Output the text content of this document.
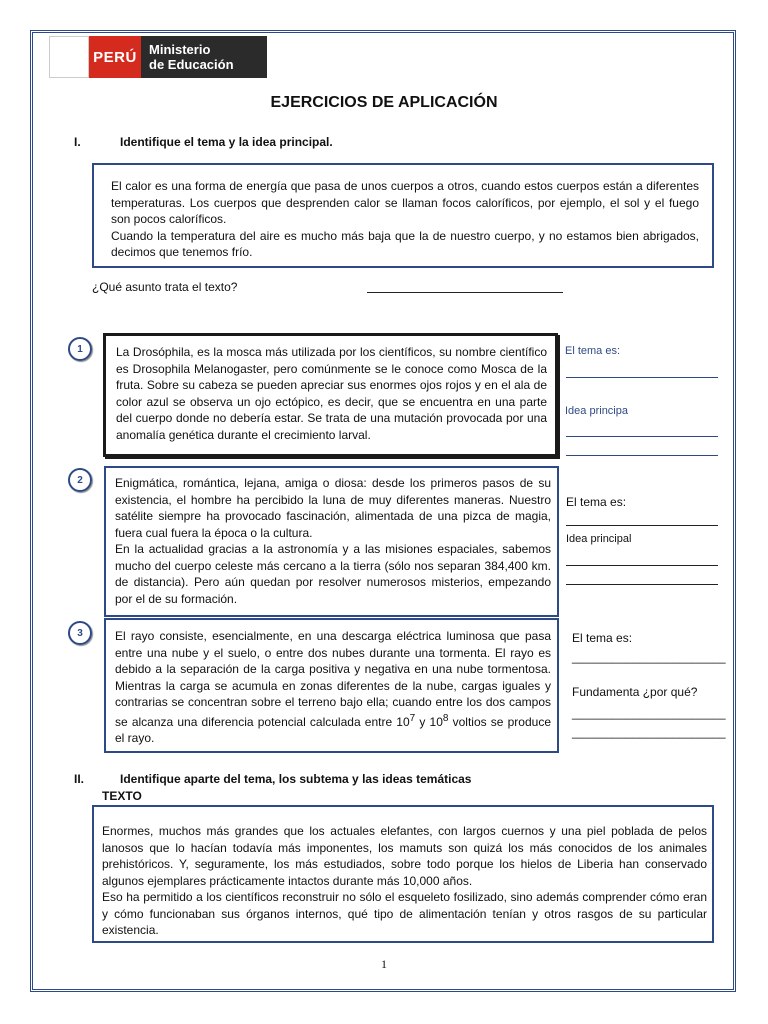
PERÚ Ministerio
de Educación
EJERCICIOS DE APLICACIÓN
I.	Identifique el tema y la idea principal.

El calor es una forma de energía que pasa de unos cuerpos a otros, cuando estos cuerpos están a diferentes temperaturas. Los cuerpos que desprenden calor se llaman focos caloríficos, por ejemplo, el sol y el fuego son pocos caloríficos.

Cuando la temperatura del aire es mucho más baja que la de nuestro cuerpo, y no estamos bien abrigados, decimos que tenemos frío.

¿Qué asunto trata el texto?
1	La Drosóphila, es la mosca más utilizada por los científicos, su nombre científico es Drosophila Melanogaster, pero comúnmente se le conoce como Mosca de la fruta. Sobre su cabeza se pueden apreciar sus enormes ojos rojos y en el ala de color azul se observa un ojo ectópico, es decir, que se encuentra en una parte del cuerpo donde no debería estar. Se trata de una mutación provocada por una anomalía genética durante el crecimiento larval.

El tema es:
Idea principa
2	Enigmática, romántica, lejana, amiga o diosa: desde los primeros pasos de su existencia, el hombre ha percibido la luna de muy diferentes maneras. Nuestro satélite siempre ha provocado fascinación, alimentada de una pizca de magia, fuera cual fuera la época o la cultura.

En la actualidad gracias a la astronomía y a las misiones espaciales, sabemos mucho del cuerpo celeste más cercano a la tierra (sólo nos separan 384,400 km. de distancia). Pero aún quedan por resolver numerosos misterios, empezando por el de su formación.

El tema es:
Idea principal
3	El rayo consiste, esencialmente, en una descarga eléctrica luminosa que pasa entre una nube y el suelo, o entre dos nubes durante una tormenta. El rayo es debido a la separación de la carga positiva y negativa en una nube tormentosa. Mientras la carga se acumula en zonas diferentes de la nube, cargas iguales y contrarias se concentran sobre el terreno bajo ella; cuando entre los dos campos se alcanza una diferencia potencial calculada entre $10^7$ y $10^8$ voltios se produce el rayo.

El tema es:
_______________________
Fundamenta ¿por qué?
_______________________
_______________________
II.	Identifique aparte del tema, los subtema y las ideas temáticas
TEXTO

Enormes, muchos más grandes que los actuales elefantes, con largos cuernos y una piel poblada de pelos lanosos que lo hacían todavía más imponentes, los mamuts son quizá los más conocidos de los animales prehistóricos. Y, seguramente, los más estudiados, sobre todo porque los hielos de Liberia han conservado algunos ejemplares prácticamente intactos durante más 10,000 años.

Eso ha permitido a los científicos reconstruir no sólo el esqueleto fosilizado, sino además comprender cómo eran y cómo funcionaban sus órganos internos, qué tipo de alimentación tenían y otros rasgos de su particular existencia.

1
